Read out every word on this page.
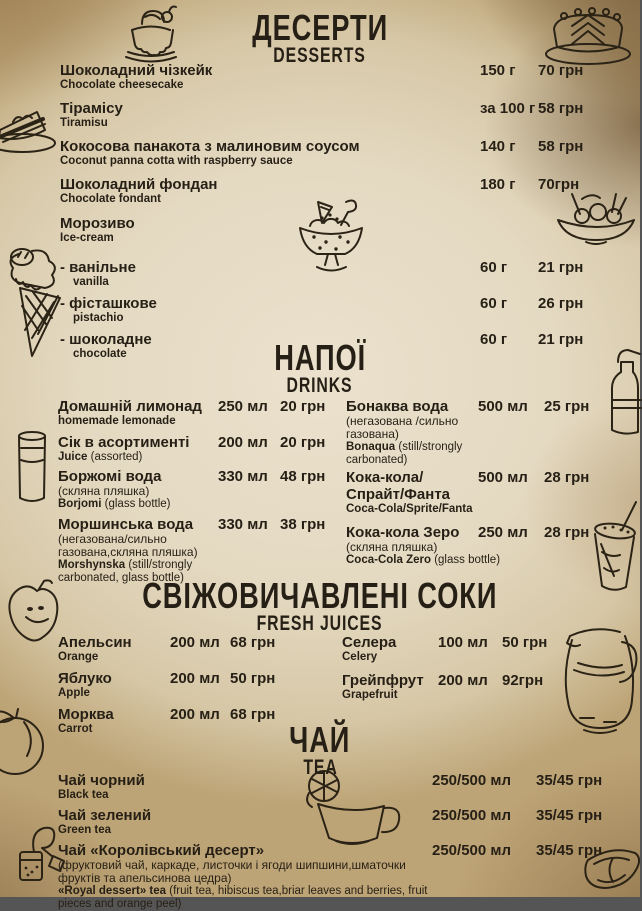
ДЕСЕРТИ
DESSERTS
Шоколадний чізкейк	150 г	70 грн
Chocolate cheesecake
Тірамісу	за 100 г 58 грн
Tiramisu
Кокосова панакота з малиновим соусом	140 г	58 грн
Coconut panna cotta with raspberry sauce
Шоколадний фондан	180 г	70грн
Chocolate fondant
Морозиво
Ice-cream
- ванільне	60 г	21 грн
vanilla
- фісташкове	60 г	26 грн
pistachio
- шоколадне	60 г	21 грн
chocolate	НАПОЇ
DRINKS
Домашній лимонад	250 мл 20 грн
homemade lemonade
Сік в асортименті	200 мл 20 грн
Juice (assorted)
Боржомі вода	330 мл 48 грн
(скляна пляшка)
Borjomi (glass bottle)
Моршинська вода	330 мл 38 грн
(негазована/сильно газована,скляна пляшка)
Morshynska (still/strongly carbonated, glass bottle)
Бонаква вода	500 мл	25 грн
(негазована /сильно газована)
Bonaqua (still/strongly carbonated)
Кока-кола/Спрайт/Фанта
500 мл	28 грн
Coca-Cola/Sprite/Fanta
Кока-кола Зеро	250 мл	28 грн
(скляна пляшка)
Coca-Cola Zero (glass bottle)
СВІЖОВИЧАВЛЕНІ СОКИ
FRESH JUICES
Апельсин	200 мл 68 грн
Orange
Яблуко	200 мл 50 грн
Apple
Морква	200 мл 68 грн
Carrot
Селера	100 мл 50 грн
Celery
Грейпфрут 200 мл 92грн
Grapefruit
ЧАЙ
TEA
Чай чорний	250/500 мл	35/45 грн
Black tea
Чай зелений	250/500 мл	35/45 грн
Green tea
Чай «Королівський десерт»	250/500 мл	35/45 грн
(фруктовий чай, каркаде, листочки і ягоди шипшини,шматочки фруктів та апельсинова цедра)
«Royal dessert» tea (fruit tea, hibiscus tea,briar leaves and berries, fruit pieces and orange peel)
